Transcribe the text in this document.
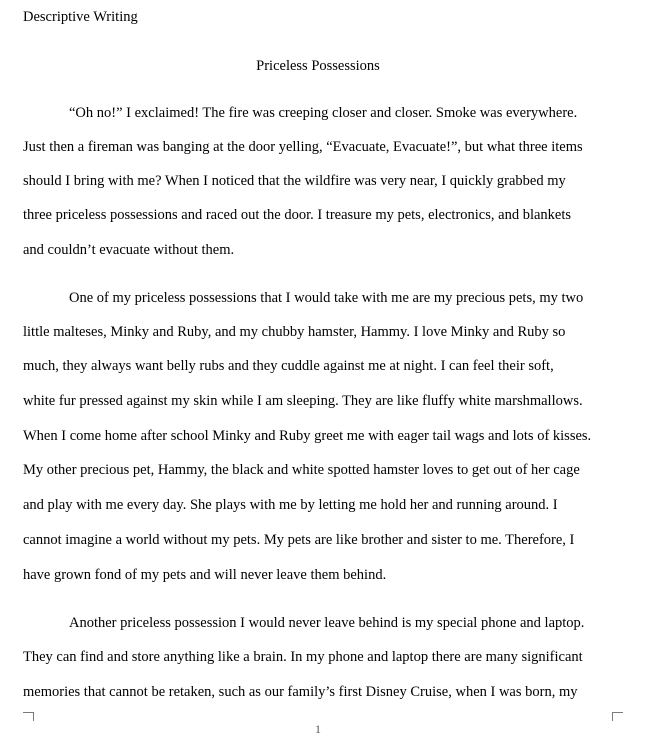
Descriptive Writing
Priceless Possessions
“Oh no!” I exclaimed! The fire was creeping closer and closer. Smoke was everywhere.
Just then a fireman was banging at the door yelling, “Evacuate, Evacuate!”, but what three items
should I bring with me? When I noticed that the wildfire was very near, I quickly grabbed my
three priceless possessions and raced out the door. I treasure my pets, electronics, and blankets
and couldn’t evacuate without them.
One of my priceless possessions that I would take with me are my precious pets, my two
little malteses, Minky and Ruby, and my chubby hamster, Hammy. I love Minky and Ruby so
much, they always want belly rubs and they cuddle against me at night. I can feel their soft,
white fur pressed against my skin while I am sleeping. They are like fluffy white marshmallows.
When I come home after school Minky and Ruby greet me with eager tail wags and lots of kisses.
My other precious pet, Hammy, the black and white spotted hamster loves to get out of her cage
and play with me every day. She plays with me by letting me hold her and running around. I
cannot imagine a world without my pets. My pets are like brother and sister to me. Therefore, I
have grown fond of my pets and will never leave them behind.
Another priceless possession I would never leave behind is my special phone and laptop.
They can find and store anything like a brain. In my phone and laptop there are many significant
memories that cannot be retaken, such as our family’s first Disney Cruise, when I was born, my
1
